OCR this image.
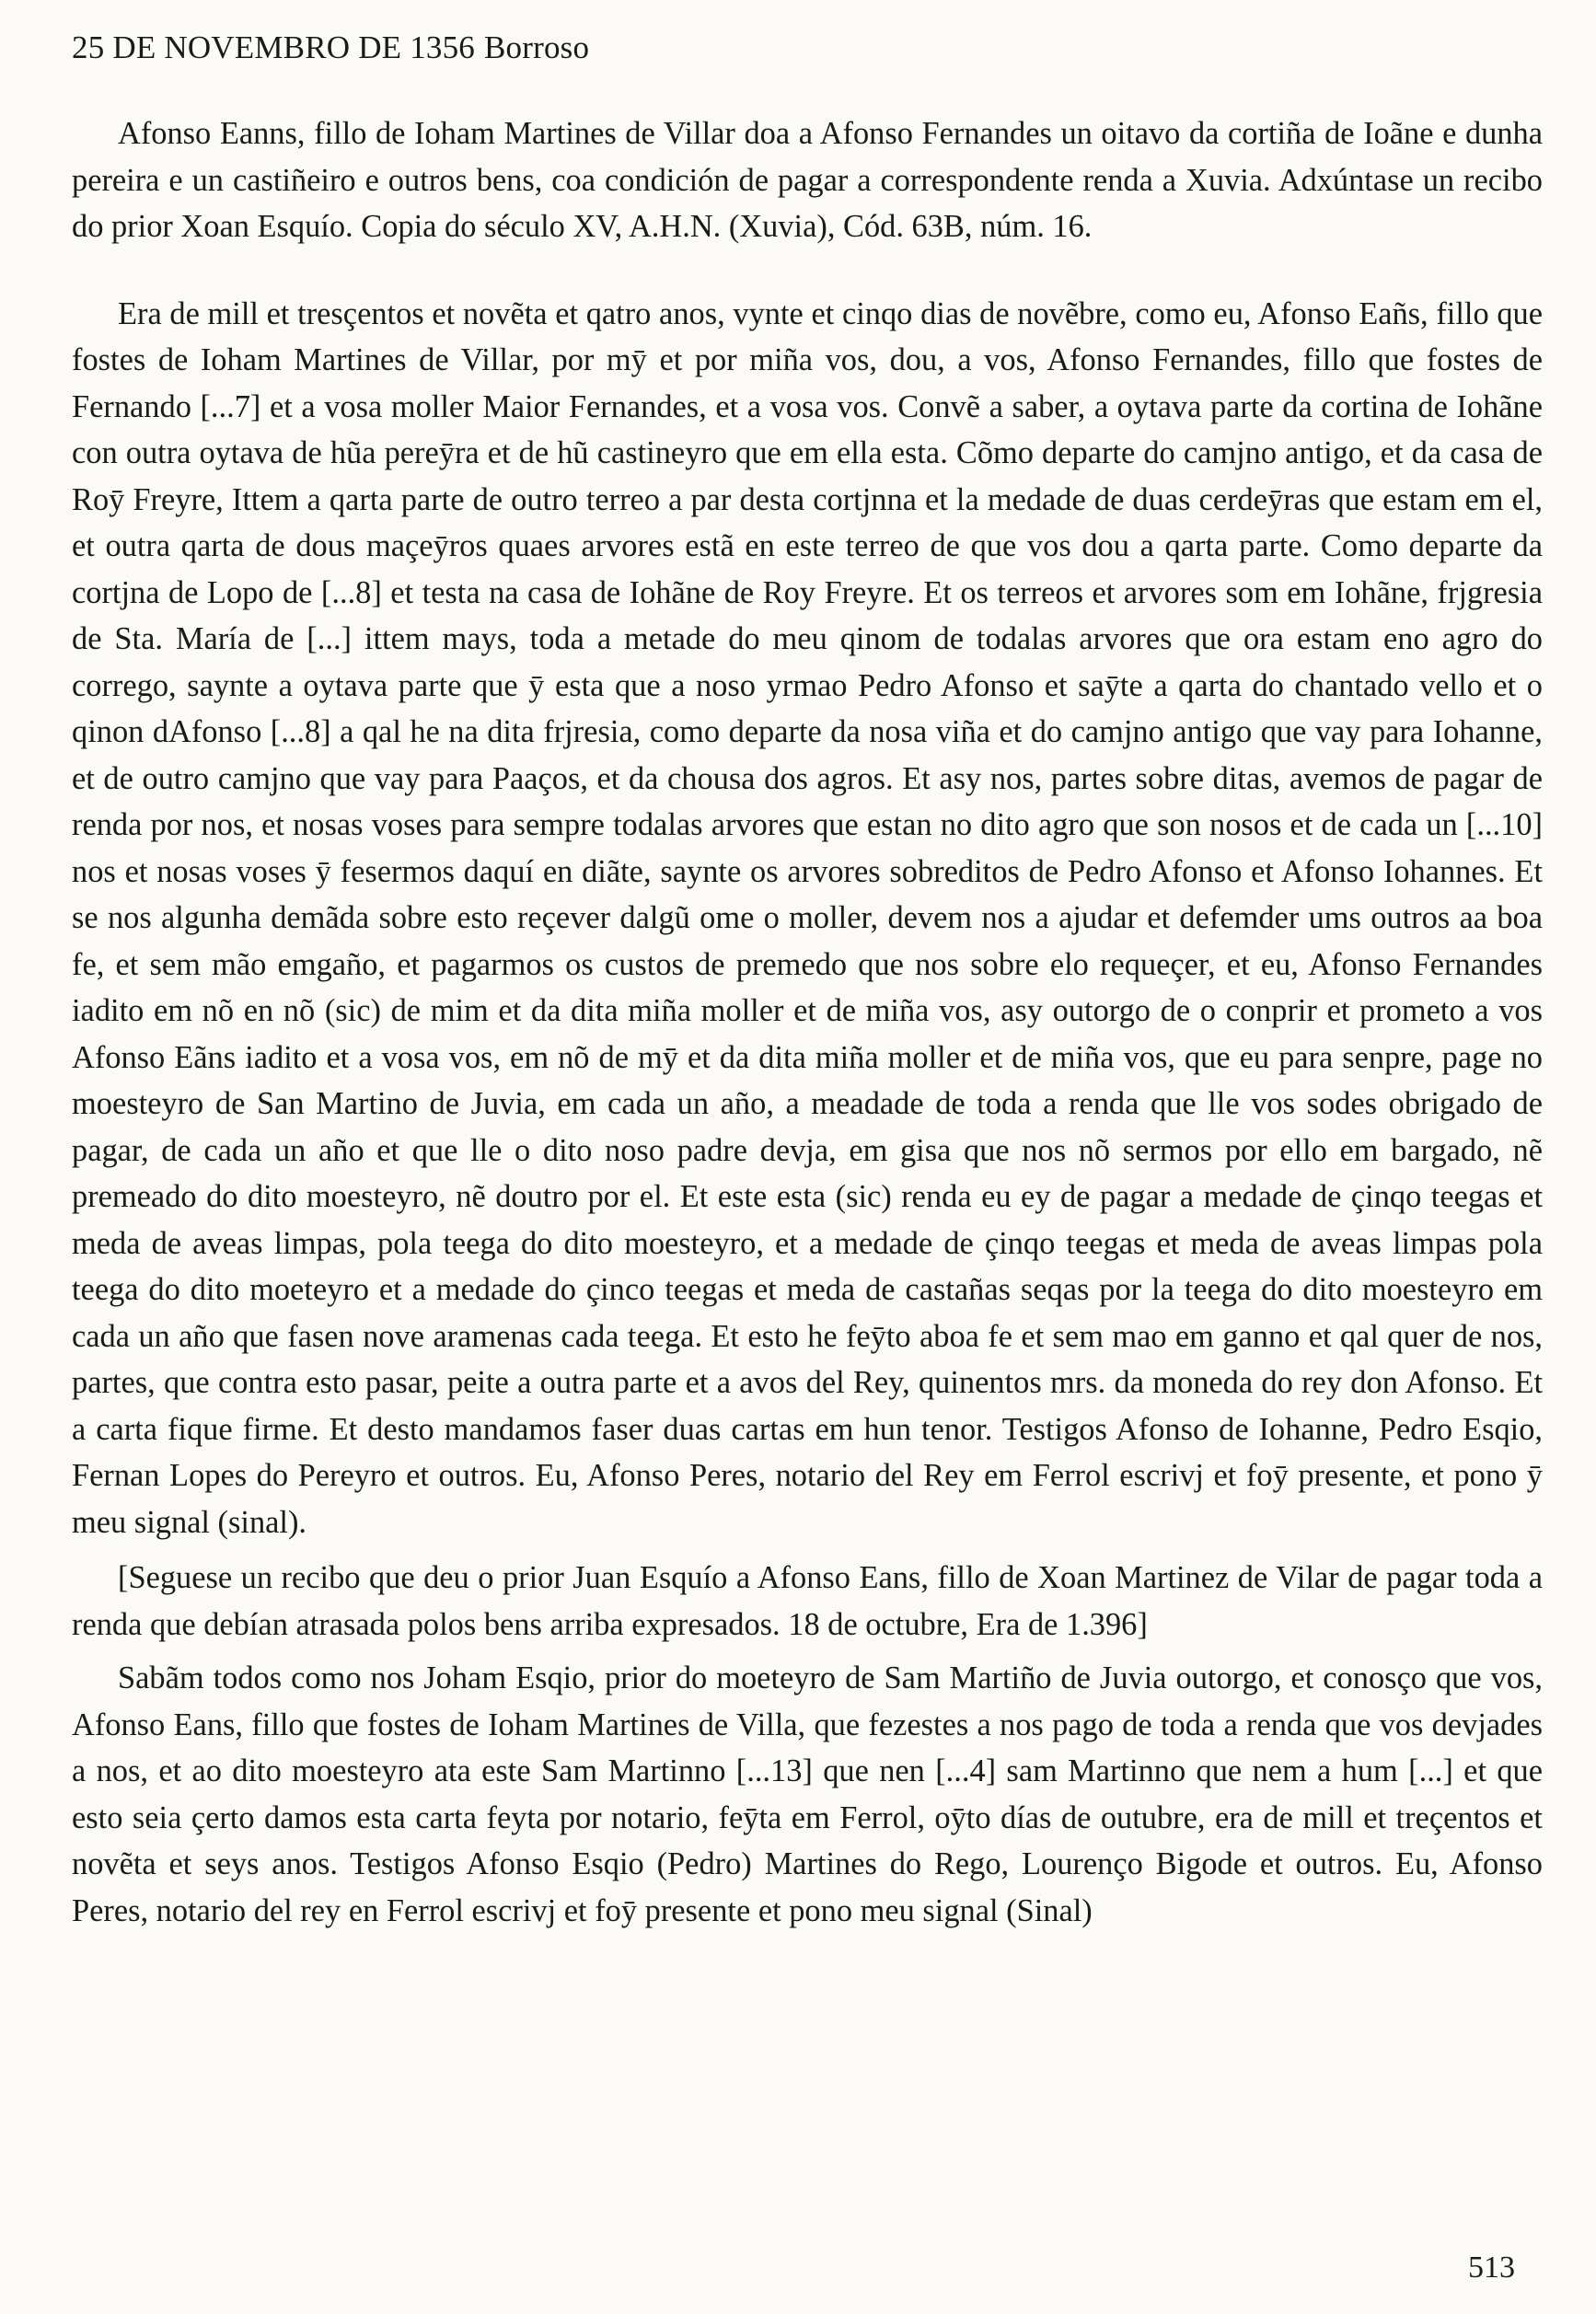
25 DE NOVEMBRO DE 1356 Borroso

Afonso Eanns, fillo de Ioham Martines de Villar doa a Afonso Fernandes un oitavo da cortiña de Ioãne e dunha pereira e un castiñeiro e outros bens, coa condición de pagar a correspondente renda a Xuvia. Adxúntase un recibo do prior Xoan Esquío. Copia do século XV, A.H.N. (Xuvia), Cód. 63B, núm. 16.

Era de mill et tresçentos et novẽta et qatro anos, vynte et cinqo dias de novẽbre, como eu, Afonso Eañs, fillo que fostes de Ioham Martines de Villar, por mȳ et por miña vos, dou, a vos, Afonso Fernandes, fillo que fostes de Fernando [...7] et a vosa moller Maior Fernandes, et a vosa vos. Convẽ a saber, a oytava parte da cortina de Iohãne con outra oytava de hũa pereȳra et de hũ castineyro que em ella esta. Cõmo departe do camjno antigo, et da casa de Roȳ Freyre, Ittem a qarta parte de outro terreo a par desta cortjnna et la medade de duas cerdeȳras que estam em el, et outra qarta de dous maçeȳros quaes arvores estã en este terreo de que vos dou a qarta parte. Como departe da cortjna de Lopo de [...8] et testa na casa de Iohãne de Roy Freyre. Et os terreos et arvores som em Iohãne, frjgresia de Sta. María de [...] ittem mays, toda a metade do meu qinom de todalas arvores que ora estam eno agro do corrego, saynte a oytava parte que ȳ esta que a noso yrmao Pedro Afonso et saȳte a qarta do chantado vello et o qinon dAfonso [...8] a qal he na dita frjresia, como departe da nosa viña et do camjno antigo que vay para Iohanne, et de outro camjno que vay para Paaços, et da chousa dos agros. Et asy nos, partes sobre ditas, avemos de pagar de renda por nos, et nosas voses para sempre todalas arvores que estan no dito agro que son nosos et de cada un [...10] nos et nosas voses ȳ fesermos daquí en diãte, saynte os arvores sobreditos de Pedro Afonso et Afonso Iohannes. Et se nos algunha demãda sobre esto reçever dalgũ ome o moller, devem nos a ajudar et defemder ums outros aa boa fe, et sem mão emgaño, et pagarmos os custos de premedo que nos sobre elo requeçer, et eu, Afonso Fernandes iadito em nõ en nõ (sic) de mim et da dita miña moller et de miña vos, asy outorgo de o conprir et prometo a vos Afonso Eãns iadito et a vosa vos, em nõ de mȳ et da dita miña moller et de miña vos, que eu para senpre, page no moesteyro de San Martino de Juvia, em cada un año, a meadade de toda a renda que lle vos sodes obrigado de pagar, de cada un año et que lle o dito noso padre devja, em gisa que nos nõ sermos por ello em bargado, nẽ premeado do dito moesteyro, nẽ doutro por el. Et este esta (sic) renda eu ey de pagar a medade de çinqo teegas et meda de aveas limpas, pola teega do dito moesteyro, et a medade de çinqo teegas et meda de aveas limpas pola teega do dito moeteyro et a medade do çinco teegas et meda de castañas seqas por la teega do dito moesteyro em cada un año que fasen nove aramenas cada teega. Et esto he feȳto aboa fe et sem mao em ganno et qal quer de nos, partes, que contra esto pasar, peite a outra parte et a avos del Rey, quinentos mrs. da moneda do rey don Afonso. Et a carta fique firme. Et desto mandamos faser duas cartas em hun tenor. Testigos Afonso de Iohanne, Pedro Esqio, Fernan Lopes do Pereyro et outros. Eu, Afonso Peres, notario del Rey em Ferrol escrivj et foȳ presente, et pono ȳ meu signal (sinal).

[Seguese un recibo que deu o prior Juan Esquío a Afonso Eans, fillo de Xoan Martinez de Vilar de pagar toda a renda que debían atrasada polos bens arriba expresados. 18 de octubre, Era de 1.396]

Sabãm todos como nos Joham Esqio, prior do moeteyro de Sam Martiño de Juvia outorgo, et conosço que vos, Afonso Eans, fillo que fostes de Ioham Martines de Villa, que fezestes a nos pago de toda a renda que vos devjades a nos, et ao dito moesteyro ata este Sam Martinno [...13] que nen [...4] sam Martinno que nem a hum [...] et que esto seia çerto damos esta carta feyta por notario, feȳta em Ferrol, oȳto días de outubre, era de mill et treçentos et novẽta et seys anos. Testigos Afonso Esqio (Pedro) Martines do Rego, Lourenço Bigode et outros. Eu, Afonso Peres, notario del rey en Ferrol escrivj et foȳ presente et pono meu signal (Sinal)

513
